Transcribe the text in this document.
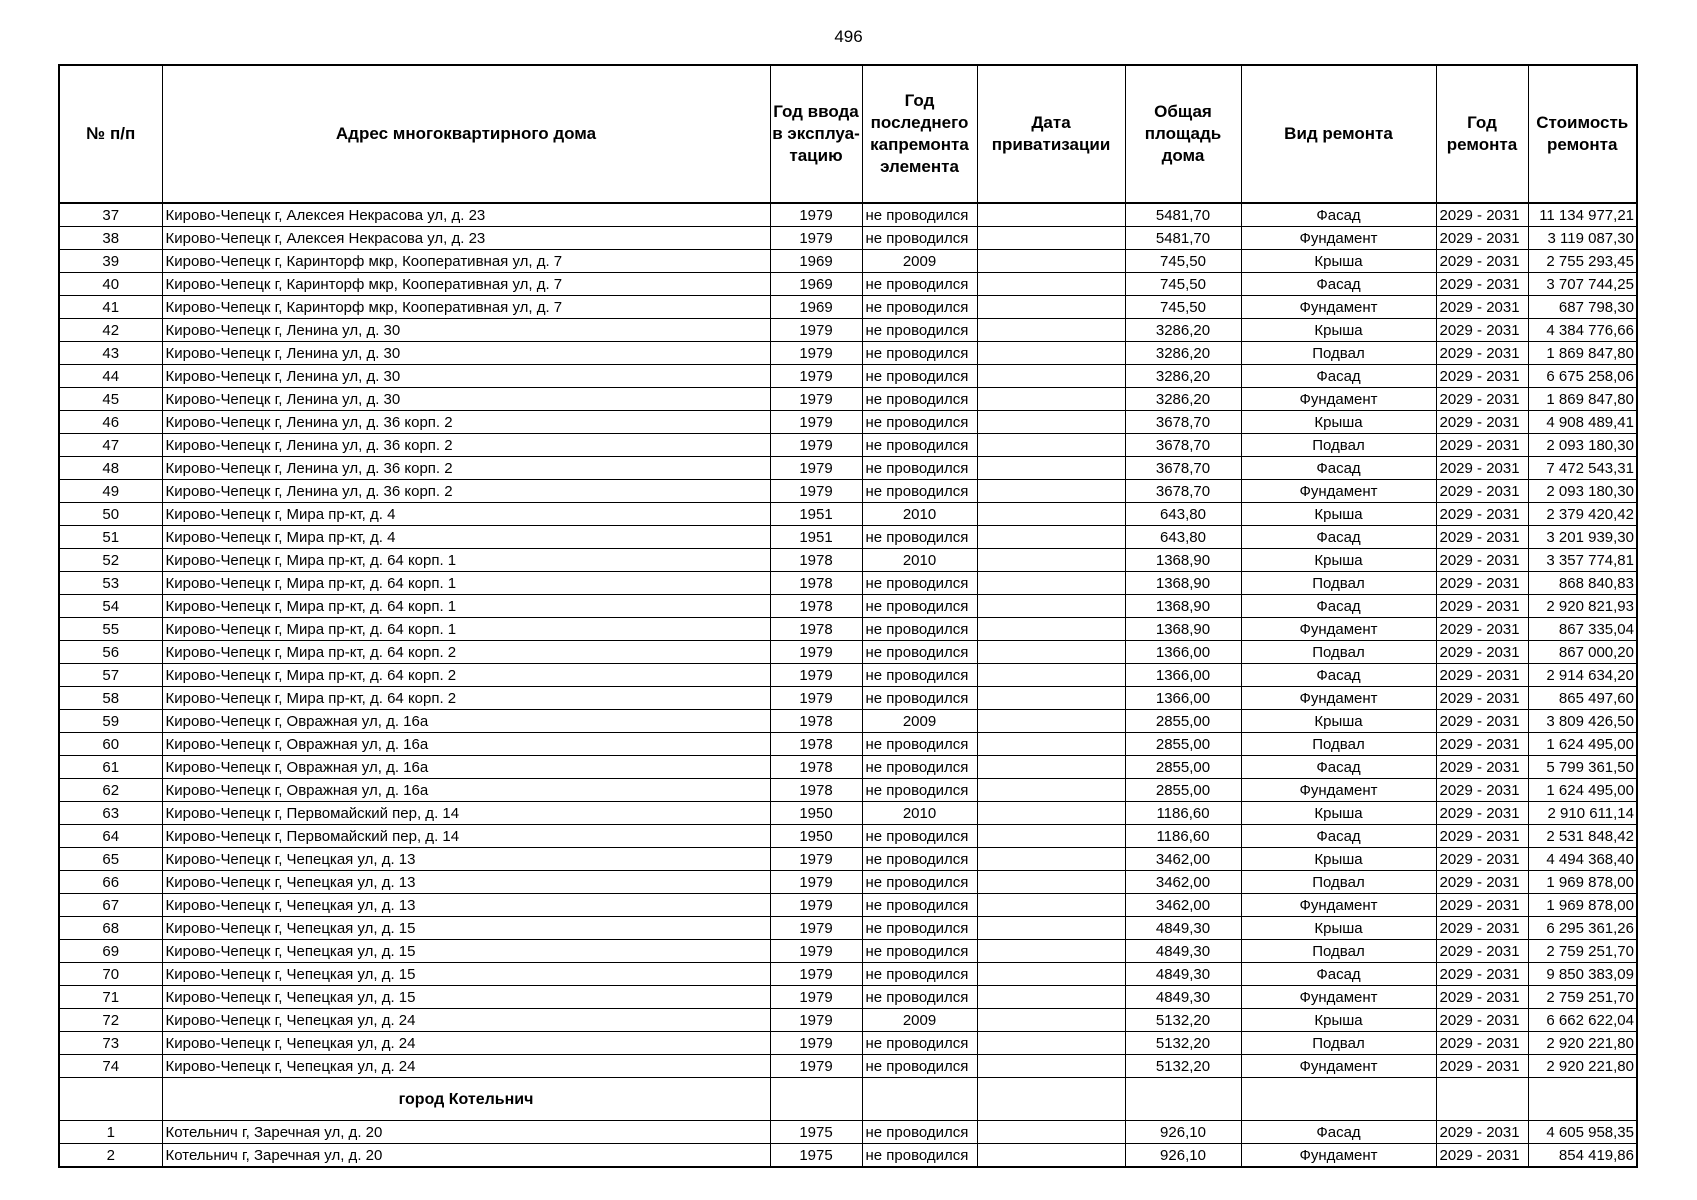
496
№ п/п	Адрес многоквартирного дома	Год ввода в эксплуа-тацию	Год последнего капремонта элемента	Дата приватизации	Общая площадь дома	Вид ремонта	Год ремонта	Стоимость ремонта
37	Кирово-Чепецк г, Алексея Некрасова ул, д. 23	1979	не проводился		5481,70	Фасад	2029 - 2031	11 134 977,21
38	Кирово-Чепецк г, Алексея Некрасова ул, д. 23	1979	не проводился		5481,70	Фундамент	2029 - 2031	3 119 087,30
39	Кирово-Чепецк г, Каринторф мкр, Кооперативная ул, д. 7	1969	2009		745,50	Крыша	2029 - 2031	2 755 293,45
40	Кирово-Чепецк г, Каринторф мкр, Кооперативная ул, д. 7	1969	не проводился		745,50	Фасад	2029 - 2031	3 707 744,25
41	Кирово-Чепецк г, Каринторф мкр, Кооперативная ул, д. 7	1969	не проводился		745,50	Фундамент	2029 - 2031	687 798,30
42	Кирово-Чепецк г, Ленина ул, д. 30	1979	не проводился		3286,20	Крыша	2029 - 2031	4 384 776,66
43	Кирово-Чепецк г, Ленина ул, д. 30	1979	не проводился		3286,20	Подвал	2029 - 2031	1 869 847,80
44	Кирово-Чепецк г, Ленина ул, д. 30	1979	не проводился		3286,20	Фасад	2029 - 2031	6 675 258,06
45	Кирово-Чепецк г, Ленина ул, д. 30	1979	не проводился		3286,20	Фундамент	2029 - 2031	1 869 847,80
46	Кирово-Чепецк г, Ленина ул, д. 36 корп. 2	1979	не проводился		3678,70	Крыша	2029 - 2031	4 908 489,41
47	Кирово-Чепецк г, Ленина ул, д. 36 корп. 2	1979	не проводился		3678,70	Подвал	2029 - 2031	2 093 180,30
48	Кирово-Чепецк г, Ленина ул, д. 36 корп. 2	1979	не проводился		3678,70	Фасад	2029 - 2031	7 472 543,31
49	Кирово-Чепецк г, Ленина ул, д. 36 корп. 2	1979	не проводился		3678,70	Фундамент	2029 - 2031	2 093 180,30
50	Кирово-Чепецк г, Мира пр-кт, д. 4	1951	2010		643,80	Крыша	2029 - 2031	2 379 420,42
51	Кирово-Чепецк г, Мира пр-кт, д. 4	1951	не проводился		643,80	Фасад	2029 - 2031	3 201 939,30
52	Кирово-Чепецк г, Мира пр-кт, д. 64 корп. 1	1978	2010		1368,90	Крыша	2029 - 2031	3 357 774,81
53	Кирово-Чепецк г, Мира пр-кт, д. 64 корп. 1	1978	не проводился		1368,90	Подвал	2029 - 2031	868 840,83
54	Кирово-Чепецк г, Мира пр-кт, д. 64 корп. 1	1978	не проводился		1368,90	Фасад	2029 - 2031	2 920 821,93
55	Кирово-Чепецк г, Мира пр-кт, д. 64 корп. 1	1978	не проводился		1368,90	Фундамент	2029 - 2031	867 335,04
56	Кирово-Чепецк г, Мира пр-кт, д. 64 корп. 2	1979	не проводился		1366,00	Подвал	2029 - 2031	867 000,20
57	Кирово-Чепецк г, Мира пр-кт, д. 64 корп. 2	1979	не проводился		1366,00	Фасад	2029 - 2031	2 914 634,20
58	Кирово-Чепецк г, Мира пр-кт, д. 64 корп. 2	1979	не проводился		1366,00	Фундамент	2029 - 2031	865 497,60
59	Кирово-Чепецк г, Овражная ул, д. 16а	1978	2009		2855,00	Крыша	2029 - 2031	3 809 426,50
60	Кирово-Чепецк г, Овражная ул, д. 16а	1978	не проводился		2855,00	Подвал	2029 - 2031	1 624 495,00
61	Кирово-Чепецк г, Овражная ул, д. 16а	1978	не проводился		2855,00	Фасад	2029 - 2031	5 799 361,50
62	Кирово-Чепецк г, Овражная ул, д. 16а	1978	не проводился		2855,00	Фундамент	2029 - 2031	1 624 495,00
63	Кирово-Чепецк г, Первомайский пер, д. 14	1950	2010		1186,60	Крыша	2029 - 2031	2 910 611,14
64	Кирово-Чепецк г, Первомайский пер, д. 14	1950	не проводился		1186,60	Фасад	2029 - 2031	2 531 848,42
65	Кирово-Чепецк г, Чепецкая ул, д. 13	1979	не проводился		3462,00	Крыша	2029 - 2031	4 494 368,40
66	Кирово-Чепецк г, Чепецкая ул, д. 13	1979	не проводился		3462,00	Подвал	2029 - 2031	1 969 878,00
67	Кирово-Чепецк г, Чепецкая ул, д. 13	1979	не проводился		3462,00	Фундамент	2029 - 2031	1 969 878,00
68	Кирово-Чепецк г, Чепецкая ул, д. 15	1979	не проводился		4849,30	Крыша	2029 - 2031	6 295 361,26
69	Кирово-Чепецк г, Чепецкая ул, д. 15	1979	не проводился		4849,30	Подвал	2029 - 2031	2 759 251,70
70	Кирово-Чепецк г, Чепецкая ул, д. 15	1979	не проводился		4849,30	Фасад	2029 - 2031	9 850 383,09
71	Кирово-Чепецк г, Чепецкая ул, д. 15	1979	не проводился		4849,30	Фундамент	2029 - 2031	2 759 251,70
72	Кирово-Чепецк г, Чепецкая ул, д. 24	1979	2009		5132,20	Крыша	2029 - 2031	6 662 622,04
73	Кирово-Чепецк г, Чепецкая ул, д. 24	1979	не проводился		5132,20	Подвал	2029 - 2031	2 920 221,80
74	Кирово-Чепецк г, Чепецкая ул, д. 24	1979	не проводился		5132,20	Фундамент	2029 - 2031	2 920 221,80
	город Котельнич							
1	Котельнич г, Заречная ул, д. 20	1975	не проводился		926,10	Фасад	2029 - 2031	4 605 958,35
2	Котельнич г, Заречная ул, д. 20	1975	не проводился		926,10	Фундамент	2029 - 2031	854 419,86
